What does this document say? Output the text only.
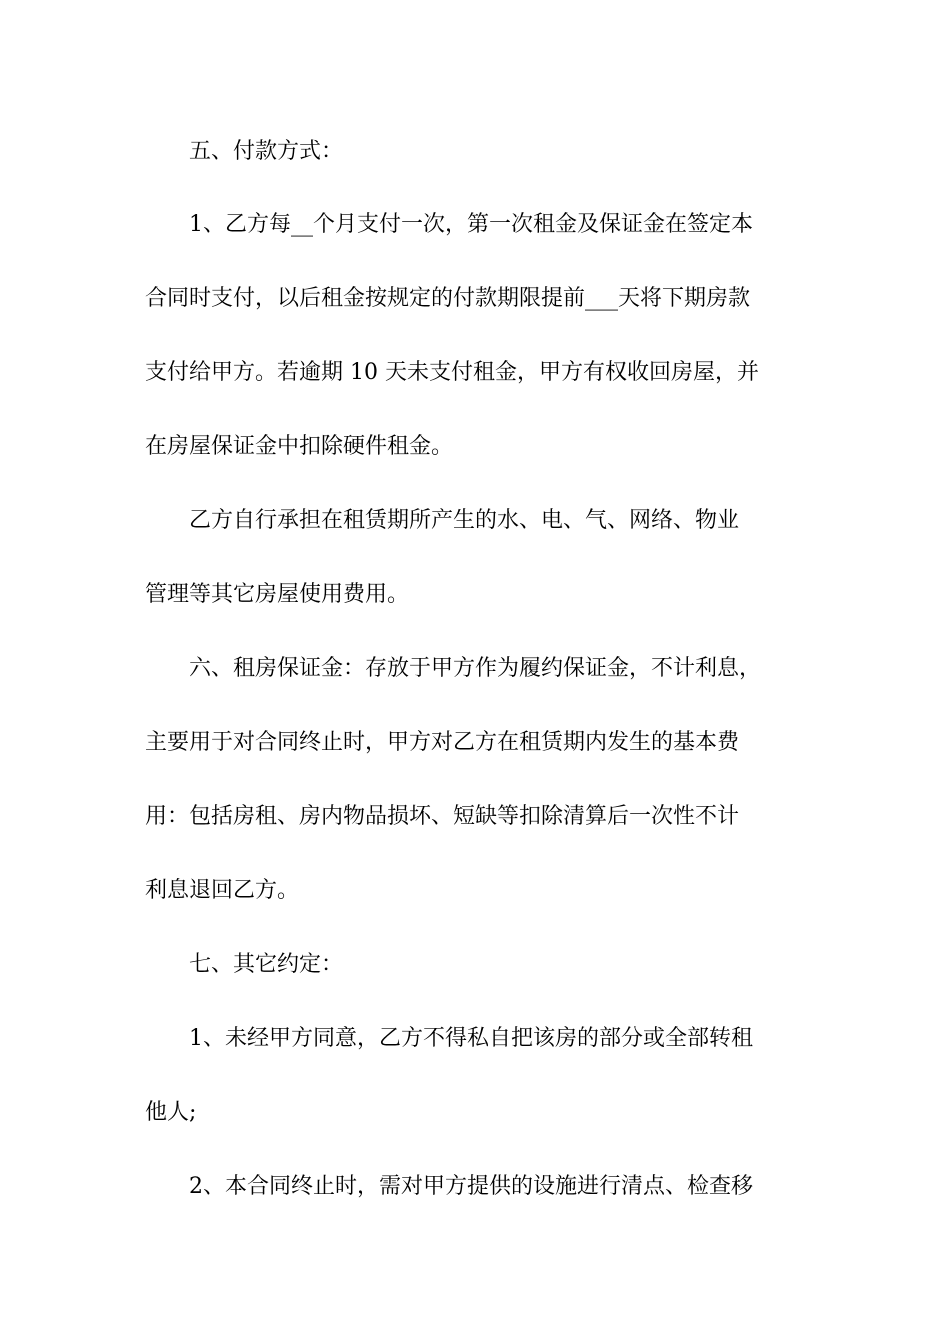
　　五、付款方式：
　　1、乙方每__个月支付一次，第一次租金及保证金在签定本
合同时支付，以后租金按规定的付款期限提前___天将下期房款
支付给甲方。若逾期 10 天未支付租金，甲方有权收回房屋，并
在房屋保证金中扣除硬件租金。
　　乙方自行承担在租赁期所产生的水、电、气、网络、物业
管理等其它房屋使用费用。
　　六、租房保证金：存放于甲方作为履约保证金，不计利息，
主要用于对合同终止时，甲方对乙方在租赁期内发生的基本费
用：包括房租、房内物品损坏、短缺等扣除清算后一次性不计
利息退回乙方。
　　七、其它约定：
　　1、未经甲方同意，乙方不得私自把该房的部分或全部转租
他人;
　　2、本合同终止时，需对甲方提供的设施进行清点、检查移
